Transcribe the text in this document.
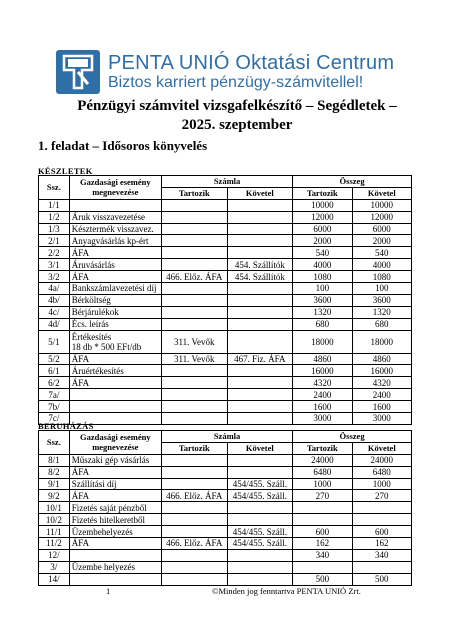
PENTA UNIÓ Oktatási Centrum
Biztos karriert pénzügy-számvitellel!
Pénzügyi számvitel vizsgafelkészítő – Segédletek –
2025. szeptember
1. feladat – Idősoros könyvelés
KÉSZLETEK
Ssz.	Gazdasági esemény megnevezése	Számla		Összeg	
		Tartozik	Követel	Tartozik	Követel
1/1				10000	10000
1/2	Áruk visszavezetése			12000	12000
1/3	Késztermék visszavez.			6000	6000
2/1	Anyagvásárlás kp-ért			2000	2000
2/2	ÁFA			540	540
3/1	Áruvásárlás		454. Szállítók	4000	4000
3/2	ÁFA	466. Előz. ÁFA	454. Szállítók	1080	1080
4a/	Bankszámlavezetési díj			100	100
4b/	Bérköltség			3600	3600
4c/	Bérjárulékok			1320	1320
4d/	Écs. leírás			680	680
5/1	Értékesítés
18 db * 500 EFt/db	311. Vevők		18000	18000
5/2	ÁFA	311. Vevők	467. Fiz. ÁFA	4860	4860
6/1	Áruértékesítés			16000	16000
6/2	ÁFA			4320	4320
7a/				2400	2400
7b/				1600	1600
7c/				3000	3000
BERUHÁZÁS
Ssz.	Gazdasági esemény megnevezése	Számla		Összeg	
		Tartozik	Követel	Tartozik	Követel
8/1	Műszaki gép vásárlás			24000	24000
8/2	ÁFA			6480	6480
9/1	Szállítási díj		454/455. Száll.	1000	1000
9/2	ÁFA	466. Előz. ÁFA	454/455. Száll.	270	270
10/1	Fizetés saját pénzből				
10/2	Fizetés hitelkeretből				
11/1	Üzembehelyezés		454/455. Száll.	600	600
11/2	ÁFA	466. Előz. ÁFA	454/455. Száll.	162	162
12/				340	340
3/	Üzembe helyezés				
14/				500	500
1	©Minden jog fenntartva PENTA UNIÓ Zrt.
